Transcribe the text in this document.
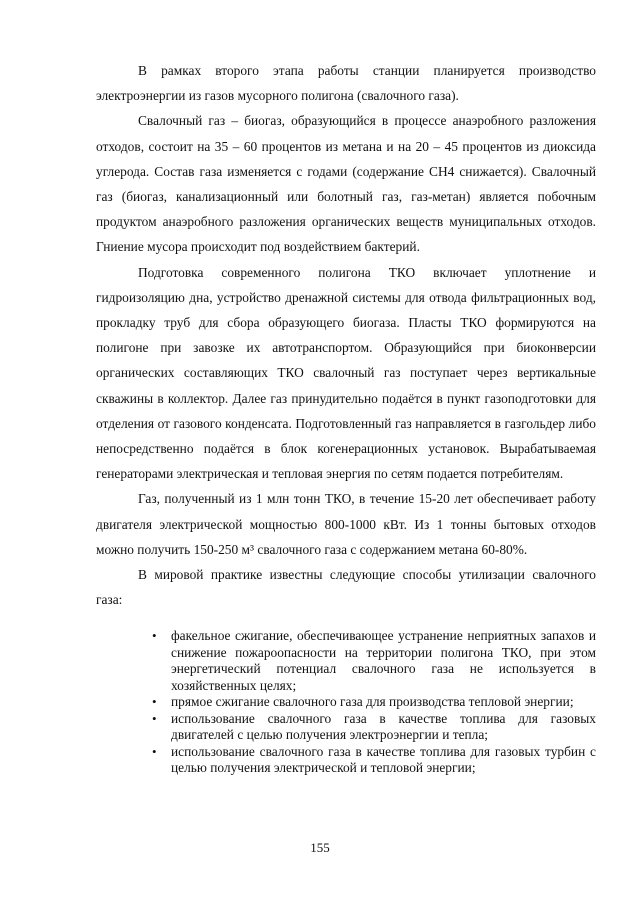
В рамках второго этапа работы станции планируется производство электроэнергии из газов мусорного полигона (свалочного газа).

Свалочный газ – биогаз, образующийся в процессе анаэробного разложения отходов, состоит на 35 – 60 процентов из метана и на 20 – 45 процентов из диоксида углерода. Состав газа изменяется с годами (содержание CH4 снижается). Свалочный газ (биогаз, канализационный или болотный газ, газ-метан) является побочным продуктом анаэробного разложения органических веществ муниципальных отходов. Гниение мусора происходит под воздействием бактерий.

Подготовка современного полигона ТКО включает уплотнение и гидроизоляцию дна, устройство дренажной системы для отвода фильтрационных вод, прокладку труб для сбора образующего биогаза. Пласты ТКО формируются на полигоне при завозке их автотранспортом. Образующийся при биоконверсии органических составляющих ТКО свалочный газ поступает через вертикальные скважины в коллектор. Далее газ принудительно подаётся в пункт газоподготовки для отделения от газового конденсата. Подготовленный газ направляется в газгольдер либо непосредственно подаётся в блок когенерационных установок. Вырабатываемая генераторами электрическая и тепловая энергия по сетям подается потребителям.

Газ, полученный из 1 млн тонн ТКО, в течение 15-20 лет обеспечивает работу двигателя электрической мощностью 800-1000 кВт. Из 1 тонны бытовых отходов можно получить 150-250 м³ свалочного газа с содержанием метана 60-80%.

В мировой практике известны следующие способы утилизации свалочного газа:

• факельное сжигание, обеспечивающее устранение неприятных запахов и снижение пожароопасности на территории полигона ТКО, при этом энергетический потенциал свалочного газа не используется в хозяйственных целях;
• прямое сжигание свалочного газа для производства тепловой энергии;
• использование свалочного газа в качестве топлива для газовых двигателей с целью получения электроэнергии и тепла;
• использование свалочного газа в качестве топлива для газовых турбин с целью получения электрической и тепловой энергии;
155
